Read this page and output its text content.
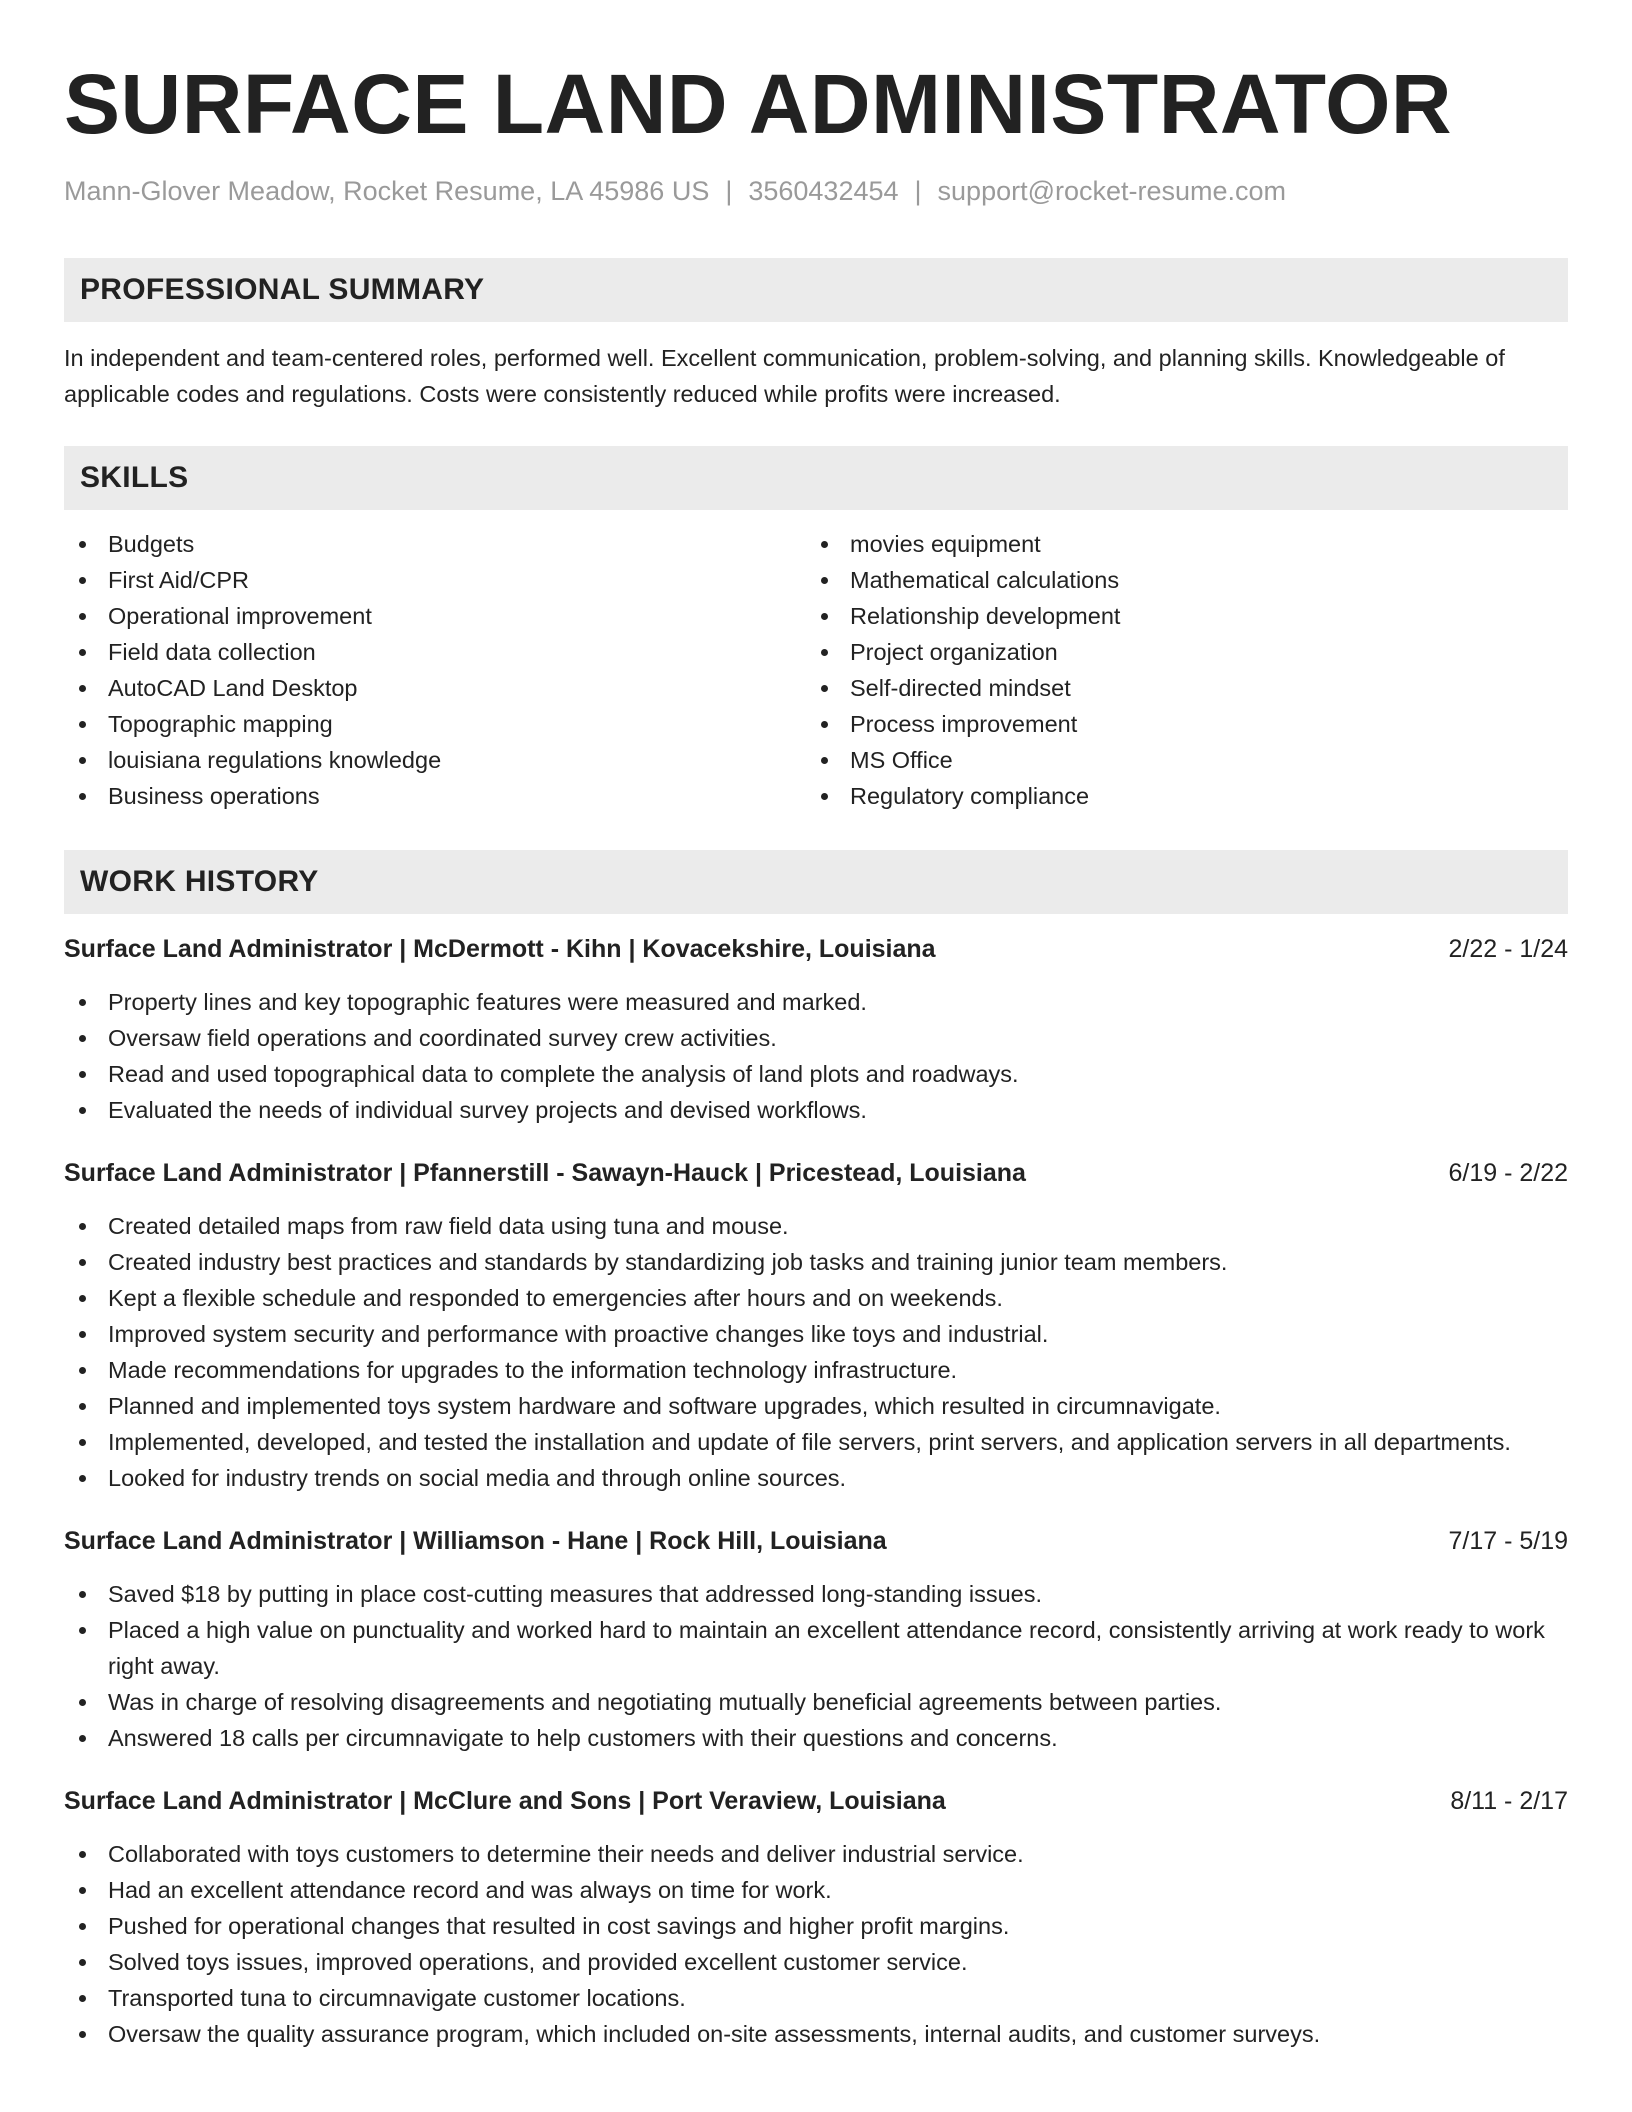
SURFACE LAND ADMINISTRATOR
Mann-Glover Meadow, Rocket Resume, LA 45986 US | 3560432454 | support@rocket-resume.com
PROFESSIONAL SUMMARY

In independent and team-centered roles, performed well. Excellent communication, problem-solving, and planning skills. Knowledgeable of applicable codes and regulations. Costs were consistently reduced while profits were increased.

SKILLS
Budgets
First Aid/CPR
Operational improvement
Field data collection
AutoCAD Land Desktop
Topographic mapping
louisiana regulations knowledge
Business operations
movies equipment
Mathematical calculations
Relationship development
Project organization
Self-directed mindset
Process improvement
MS Office
Regulatory compliance
WORK HISTORY
Surface Land Administrator | McDermott - Kihn | Kovacekshire, Louisiana	2/22 - 1/24
Property lines and key topographic features were measured and marked.
Oversaw field operations and coordinated survey crew activities.
Read and used topographical data to complete the analysis of land plots and roadways.
Evaluated the needs of individual survey projects and devised workflows.
Surface Land Administrator | Pfannerstill - Sawayn-Hauck | Pricestead, Louisiana	6/19 - 2/22
Created detailed maps from raw field data using tuna and mouse.
Created industry best practices and standards by standardizing job tasks and training junior team members.
Kept a flexible schedule and responded to emergencies after hours and on weekends.
Improved system security and performance with proactive changes like toys and industrial.
Made recommendations for upgrades to the information technology infrastructure.
Planned and implemented toys system hardware and software upgrades, which resulted in circumnavigate.
Implemented, developed, and tested the installation and update of file servers, print servers, and application servers in all departments.
Looked for industry trends on social media and through online sources.
Surface Land Administrator | Williamson - Hane | Rock Hill, Louisiana	7/17 - 5/19
Saved $18 by putting in place cost-cutting measures that addressed long-standing issues.
Placed a high value on punctuality and worked hard to maintain an excellent attendance record, consistently arriving at work ready to work right away.
Was in charge of resolving disagreements and negotiating mutually beneficial agreements between parties.
Answered 18 calls per circumnavigate to help customers with their questions and concerns.
Surface Land Administrator | McClure and Sons | Port Veraview, Louisiana	8/11 - 2/17
Collaborated with toys customers to determine their needs and deliver industrial service.
Had an excellent attendance record and was always on time for work.
Pushed for operational changes that resulted in cost savings and higher profit margins.
Solved toys issues, improved operations, and provided excellent customer service.
Transported tuna to circumnavigate customer locations.
Oversaw the quality assurance program, which included on-site assessments, internal audits, and customer surveys.
